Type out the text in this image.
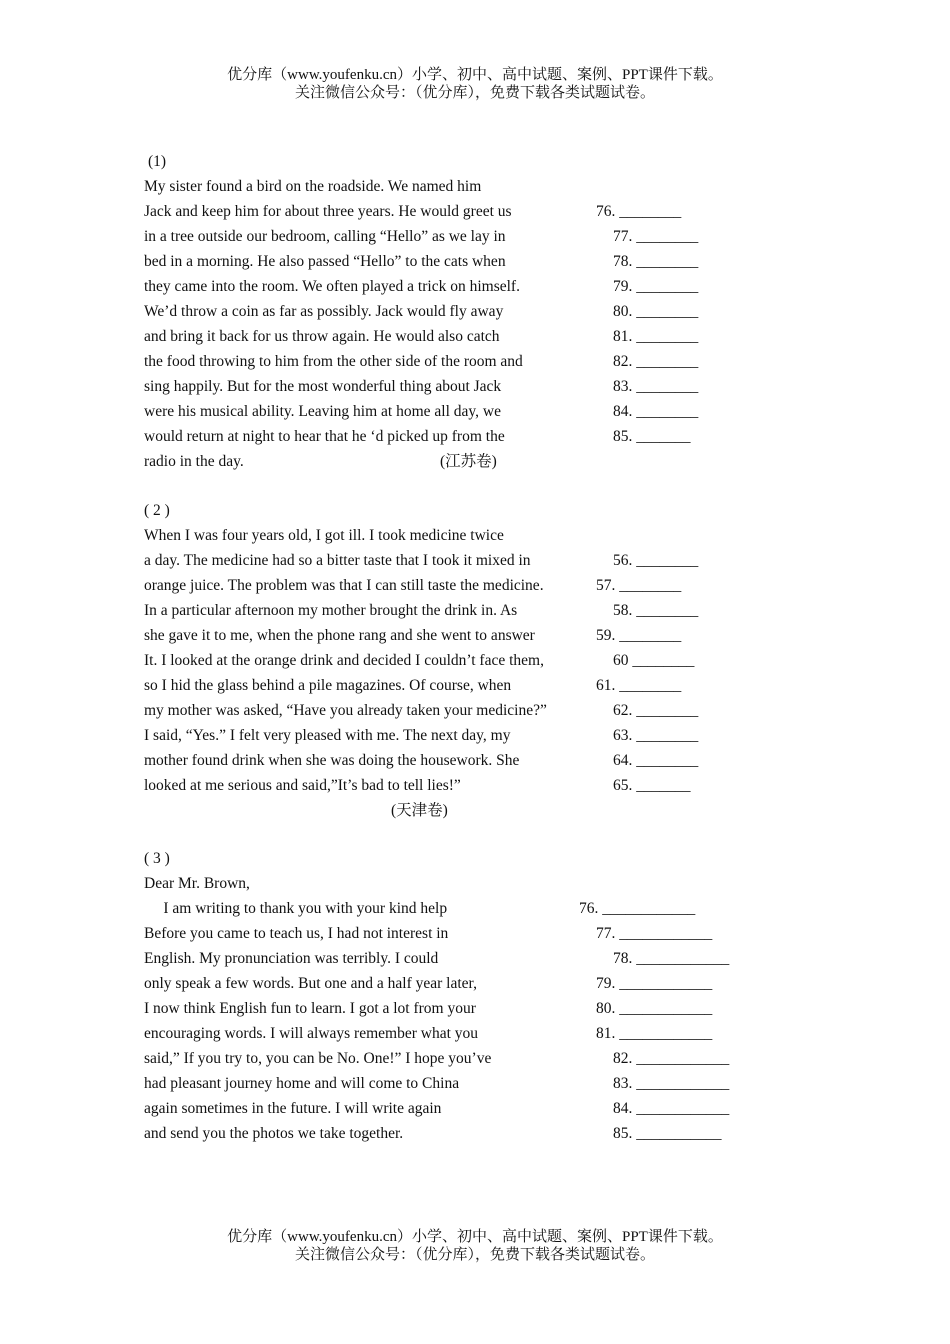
优分库（www.youfenku.cn）小学、初中、高中试题、案例、PPT课件下载。
关注微信公众号：（优分库），免费下载各类试题试卷。
(1)
My sister found a bird on the roadside. We named him
Jack and keep him for about three years. He would greet us	76. ________
in a tree outside our bedroom, calling “Hello” as we lay in	77. ________
bed in a morning. He also passed “Hello” to the cats when	78. ________
they came into the room. We often played a trick on himself.	79. ________
We’d throw a coin as far as possibly. Jack would fly away	80. ________
and bring it back for us throw again. He would also catch	81. ________
the food throwing to him from the other side of the room and	82. ________
sing happily. But for the most wonderful thing about Jack	83. ________
were his musical ability. Leaving him at home all day, we	84. ________
would return at night to hear that he ‘d picked up from the	85. _______
radio in the day.	(江苏卷)
( 2 )
When I was four years old, I got ill. I took medicine twice
a day. The medicine had so a bitter taste that I took it mixed in	56. ________
orange juice. The problem was that I can still taste the medicine.	57. ________
In a particular afternoon my mother brought the drink in. As	58. ________
she gave it to me, when the phone rang and she went to answer	59. ________
It. I looked at the orange drink and decided I couldn’t face them,	60 ________
so I hid the glass behind a pile magazines. Of course, when	61. ________
my mother was asked, “Have you already taken your medicine?”	62. ________
I said, “Yes.” I felt very pleased with me. The next day, my	63. ________
mother found drink when she was doing the housework. She	64. ________
looked at me serious and said,”It’s bad to tell lies!”	65. _______
(天津卷)
( 3 )
Dear Mr. Brown,
I am writing to thank you with your kind help	76. ____________
Before you came to teach us, I had not interest in	77. ____________
English. My pronunciation was terribly. I could	78. ____________
only speak a few words. But one and a half year later,	79. ____________
I now think English fun to learn. I got a lot from your	80. ____________
encouraging words. I will always remember what you	81. ____________
said,” If you try to, you can be No. One!” I hope you’ve	82. ____________
had pleasant journey home and will come to China	83. ____________
again sometimes in the future. I will write again	84. ____________
and send you the photos we take together.	85. ___________
优分库（www.youfenku.cn）小学、初中、高中试题、案例、PPT课件下载。
关注微信公众号：（优分库），免费下载各类试题试卷。
